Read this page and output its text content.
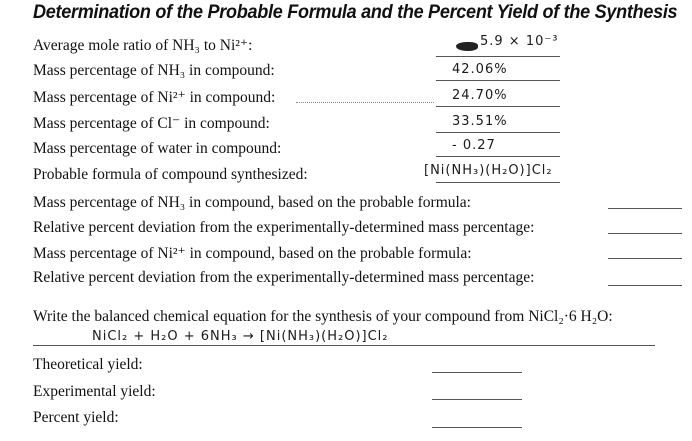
Determination of the Probable Formula and the Percent Yield of the Synthesis
Average mole ratio of NH₃ to Ni²⁺:	5.9 × 10⁻³
Mass percentage of NH₃ in compound:	42.06%
Mass percentage of Ni²⁺ in compound:	24.70%
Mass percentage of Cl⁻ in compound:	33.51%
Mass percentage of water in compound:	- 0.27
Probable formula of compound synthesized:	[Ni(NH₃)(H₂O)]Cl₂
Mass percentage of NH₃ in compound, based on the probable formula:
Relative percent deviation from the experimentally-determined mass percentage:
Mass percentage of Ni²⁺ in compound, based on the probable formula:
Relative percent deviation from the experimentally-determined mass percentage:
Write the balanced chemical equation for the synthesis of your compound from NiCl₂·6 H₂O:
NiCl₂ + H₂O + 6NH₃ → [Ni(NH₃)(H₂O)]Cl₂
Theoretical yield:
Experimental yield:
Percent yield:
